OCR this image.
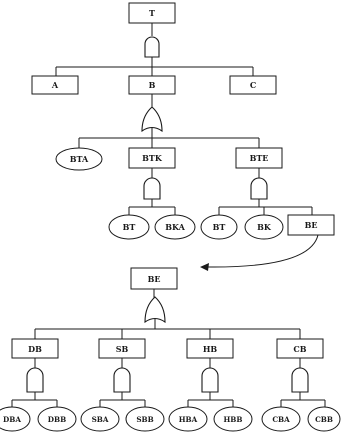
T
A	B	C
BTA	BTK	BTE
BT	BKA	BT	BK	BE
BE
DB	SB	HB	CB
DBA	DBB	SBA	SBB	HBA	HBB	CBA	CBB
